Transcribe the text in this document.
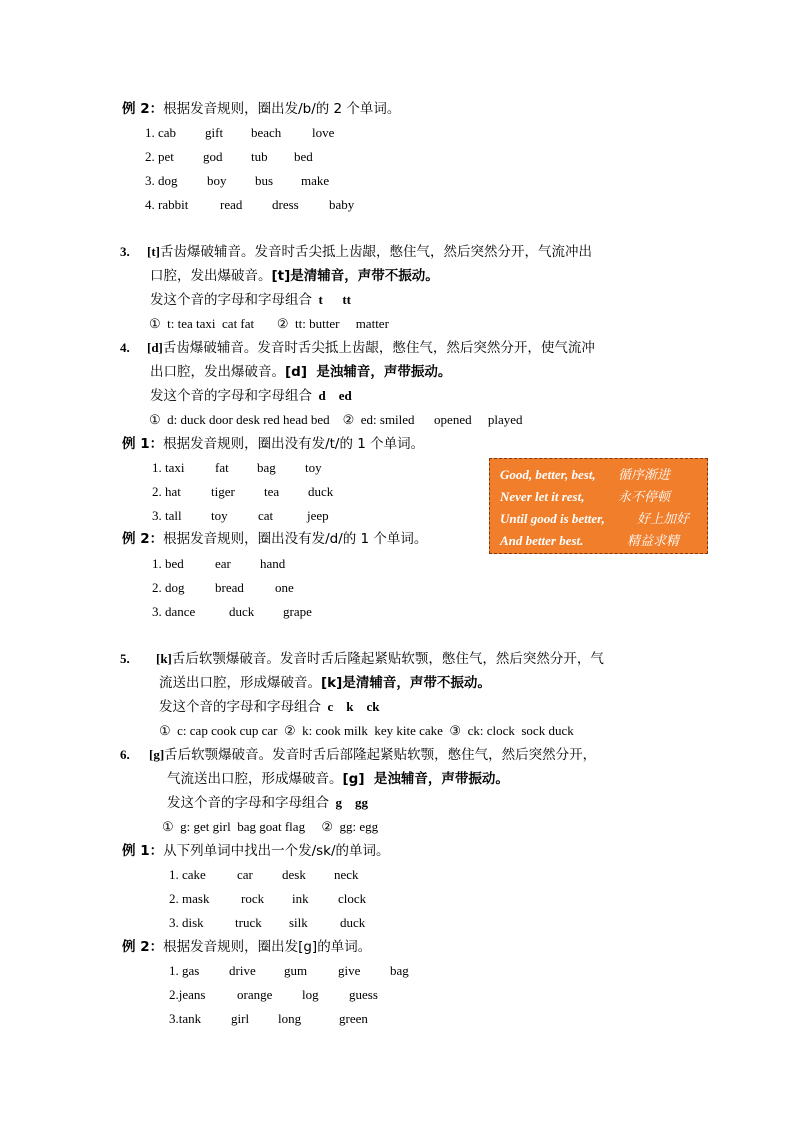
例 2：根据发音规则，圈出发/b/的 2 个单词。
1. cab gift beach love
2. pet god tub bed
3. dog boy bus make
4. rabbit read dress baby
3. [t]舌齿爆破辅音。发音时舌尖抵上齿龈，憋住气，然后突然分开，气流冲出
口腔，发出爆破音。[t]是清辅音，声带不振动。
发这个音的字母和字母组合 t      tt
①  t: tea taxi  cat fat       ②  tt: butter     matter
4. [d]舌齿爆破辅音。发音时舌尖抵上齿龈，憋住气，然后突然分开，使气流冲
出口腔，发出爆破音。[d]  是浊辅音，声带振动。
发这个音的字母和字母组合 d    ed
①  d: duck door desk red head bed    ②  ed: smiled      opened     played
例 1：根据发音规则，圈出没有发/t/的 1 个单词。
1. taxi fat bag toy
2. hat tiger tea duck
3. tall toy cat	jeep
Good, better, best, 循序渐进
Never let it rest,	永不停顿
Until good is better, 好上加好
And better best.	精益求精
例 2：根据发音规则，圈出没有发/d/的 1 个单词。
1. bed ear hand
2. dog bread one
3. dance	duck grape
5. [k]舌后软颚爆破音。发音时舌后隆起紧贴软颚，憋住气，然后突然分开，气
流送出口腔，形成爆破音。[k]是清辅音，声带不振动。
发这个音的字母和字母组合 c    k    ck
①  c: cap cook cup car  ②  k: cook milk  key kite cake  ③  ck: clock  sock duck
6. [g]舌后软颚爆破音。发音时舌后部隆起紧贴软颚，憋住气，然后突然分开，
气流送出口腔，形成爆破音。[g]  是浊辅音，声带振动。
发这个音的字母和字母组合 g    gg
①  g: get girl  bag goat flag     ②  gg: egg
例 1：从下列单词中找出一个发/sk/的单词。
1. cake car desk neck
2. mask rock ink clock
3. disk truck silk duck
例 2：根据发音规则，圈出发[g]的单词。
1. gas drive gum give bag
2.jeans orange log guess
3.tank girl long	green
